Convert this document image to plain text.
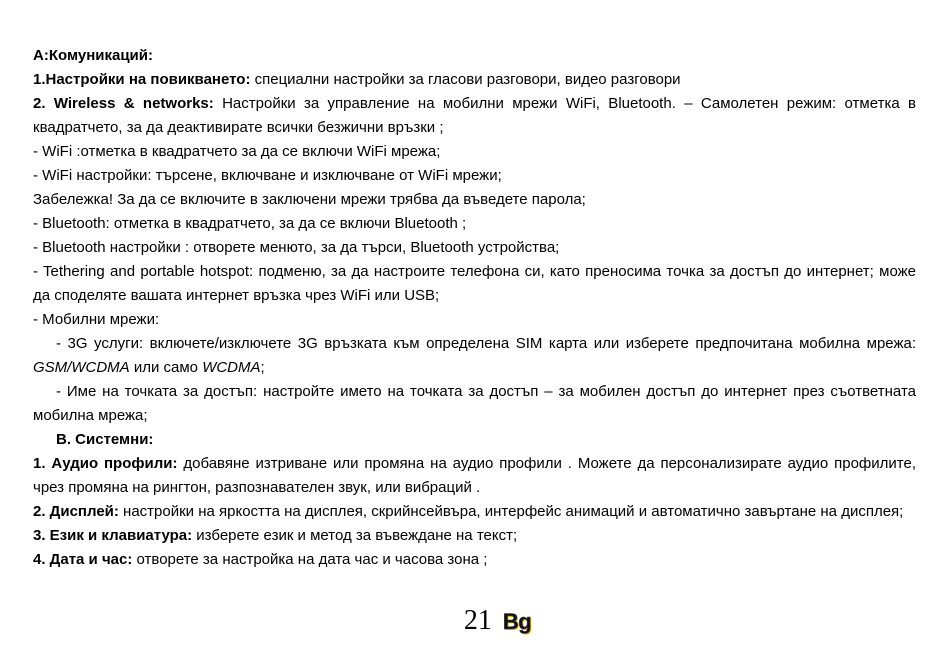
A:Комуникаций:
1.Настройки на повикването: специални настройки за гласови разговори, видео разговори
2. Wireless & networks: Настройки за управление на мобилни мрежи WiFi, Bluetooth. – Самолетен режим: отметка в квадратчето, за да деактивирате всички безжични връзки ;
- WiFi :отметка в квадратчето за да се включи WiFi мрежа;
- WiFi настройки: търсене, включване и изключване от WiFi мрежи;
Забележка! За да се включите в заключени мрежи трябва да въведете парола;
- Bluetooth: отметка в квадратчето, за да се включи Bluetooth ;
- Bluetooth настройки : отворете менюто, за да търси, Bluetooth устройства;
- Tethering and portable hotspot: подменю, за да настроите телефона си, като преносима точка за достъп до интернет; може да споделяте вашата интернет връзка чрез WiFi или USB;
- Мобилни мрежи:
- 3G услуги: включете/изключете 3G връзката към определена SIM карта или изберете предпочитана мобилна мрежа: GSM/WCDMA или само WCDMA;
- Име на точката за достъп: настройте името на точката за достъп – за мобилен достъп до интернет през съответната мобилна мрежа;
B. Системни:
1. Аудио профили: добавяне изтриване или промяна на аудио профили . Можете да персонализирате аудио профилите, чрез промяна на рингтон, разпознавателен звук, или вибраций .
2. Дисплей: настройки на яркостта на дисплея, скрийнсейвъра, интерфейс анимаций и автоматично завъртане на дисплея;
3. Език и клавиатура: изберете език и метод за въвеждане на текст;
4. Дата и час: отворете за настройка на дата час и часова зона ;
21 Bg
